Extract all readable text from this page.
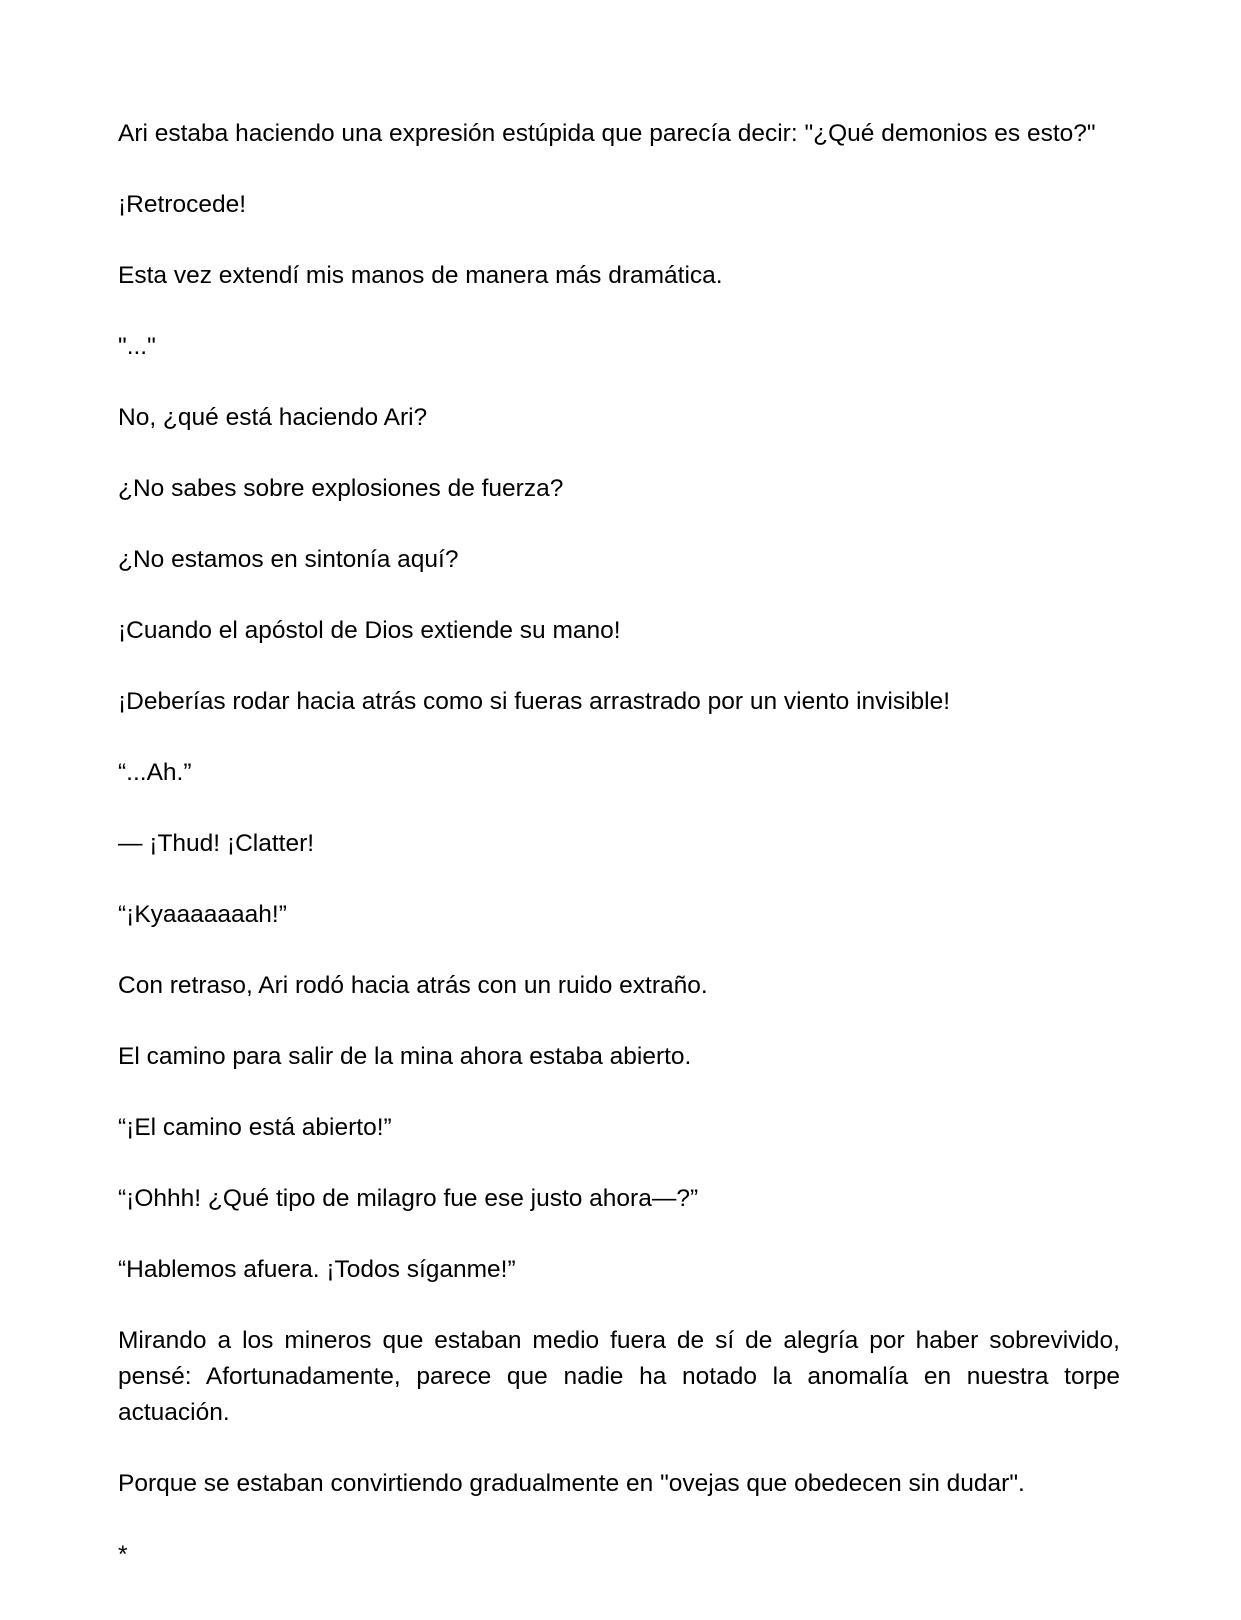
Ari estaba haciendo una expresión estúpida que parecía decir: "¿Qué demonios es esto?"

¡Retrocede!

Esta vez extendí mis manos de manera más dramática.

"..."

No, ¿qué está haciendo Ari?

¿No sabes sobre explosiones de fuerza?

¿No estamos en sintonía aquí?

¡Cuando el apóstol de Dios extiende su mano!

¡Deberías rodar hacia atrás como si fueras arrastrado por un viento invisible!

“...Ah.”

— ¡Thud! ¡Clatter!

“¡Kyaaaaaaah!”

Con retraso, Ari rodó hacia atrás con un ruido extraño.

El camino para salir de la mina ahora estaba abierto.

“¡El camino está abierto!”

“¡Ohhh! ¿Qué tipo de milagro fue ese justo ahora—?”

“Hablemos afuera. ¡Todos síganme!”

Mirando a los mineros que estaban medio fuera de sí de alegría por haber sobrevivido, pensé: Afortunadamente, parece que nadie ha notado la anomalía en nuestra torpe actuación.

Porque se estaban convirtiendo gradualmente en "ovejas que obedecen sin dudar".

*
